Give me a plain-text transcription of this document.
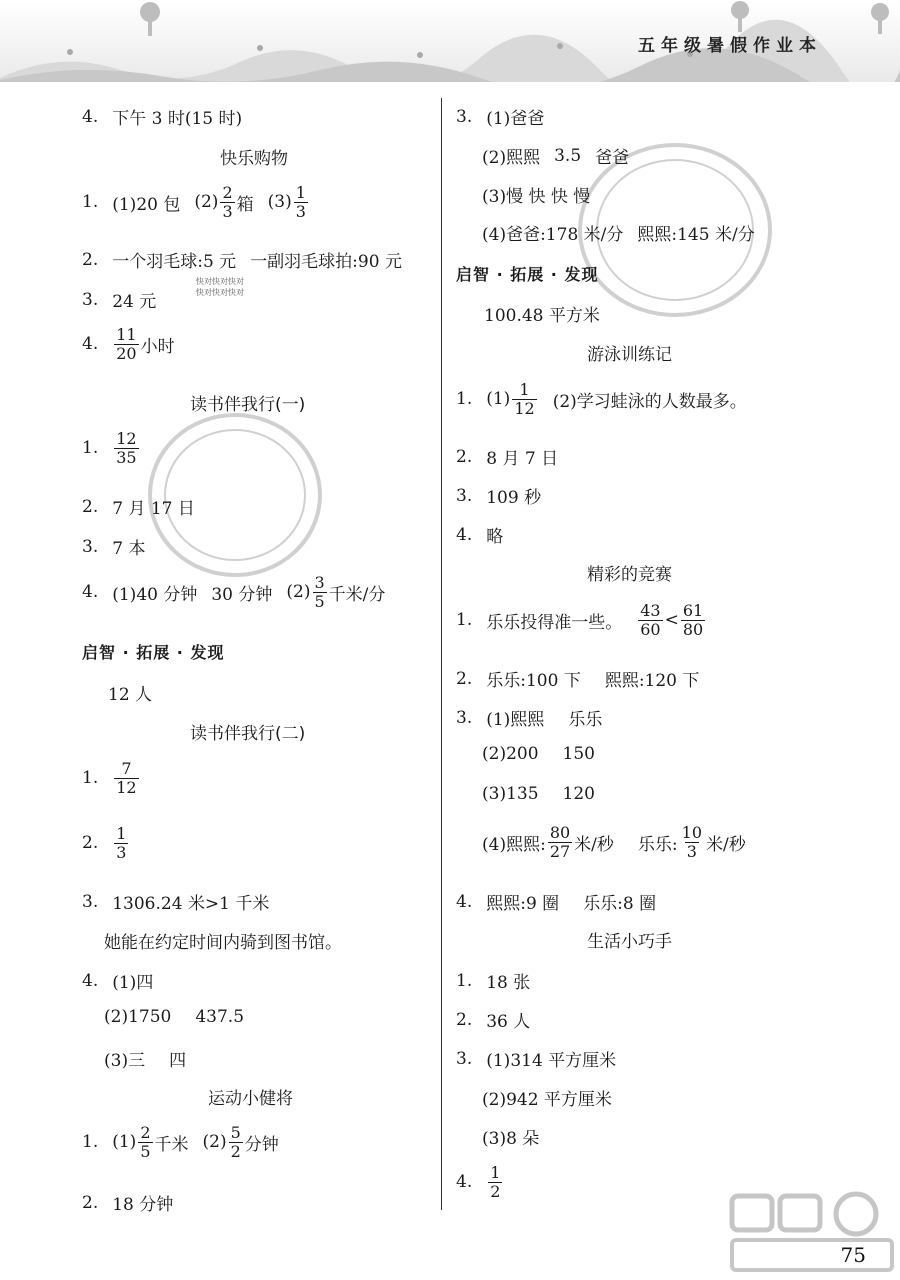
五年级暑假作业本
4. 下午 3 时(15 时)
快乐购物
1. (1)20 包 $(2) \frac{2}{3}$ 箱 $(3) \frac{1}{3}$
2. 一个羽毛球:5 元 一副羽毛球拍:90 元
快对快对快对
快对快对快对
3. 24 元
4. $\frac{11}{20}$ 小时
读书伴我行(一)
1. $\frac{12}{35}$
2. 7 月 17 日
3. 7 本
4. (1)40 分钟 30 分钟 $(2) \frac{3}{5}$ 千米/分
启智 · 拓展 · 发现
12 人
读书伴我行(二)
1. $\frac{7}{12}$
2. $\frac{1}{3}$
3. 1306.24 米>1 千米
她能在约定时间内骑到图书馆。
4. (1)四
(2)1750 437.5
(3)三 四
运动小健将
1. $(1) \frac{2}{5}$ 千米 $(2) \frac{5}{2}$ 分钟
2. 18 分钟
3. (1)爸爸
(2)熙熙 3.5 爸爸
(3)慢 快 快 慢
(4)爸爸:178 米/分 熙熙:145 米/分
启智 · 拓展 · 发现
100.48 平方米
游泳训练记
1. $(1) \frac{1}{12} (2)$学习蛙泳的人数最多。
2. 8 月 7 日
3. 109 秒
4. 略
精彩的竞赛
1. 乐乐投得准一些。 $\frac{43}{60} < \frac{61}{80}$
2. 乐乐:100 下 熙熙:120 下
3. (1)熙熙 乐乐
(2)200 150
(3)135 120
(4)熙熙: $\frac{80}{27}$ 米/秒 乐乐: $\frac{10}{3}$ 米/秒
4. 熙熙:9 圈 乐乐:8 圈
生活小巧手
1. 18 张
2. 36 人
3. (1)314 平方厘米
(2)942 平方厘米
(3)8 朵
4. $\frac{1}{2}$
75
